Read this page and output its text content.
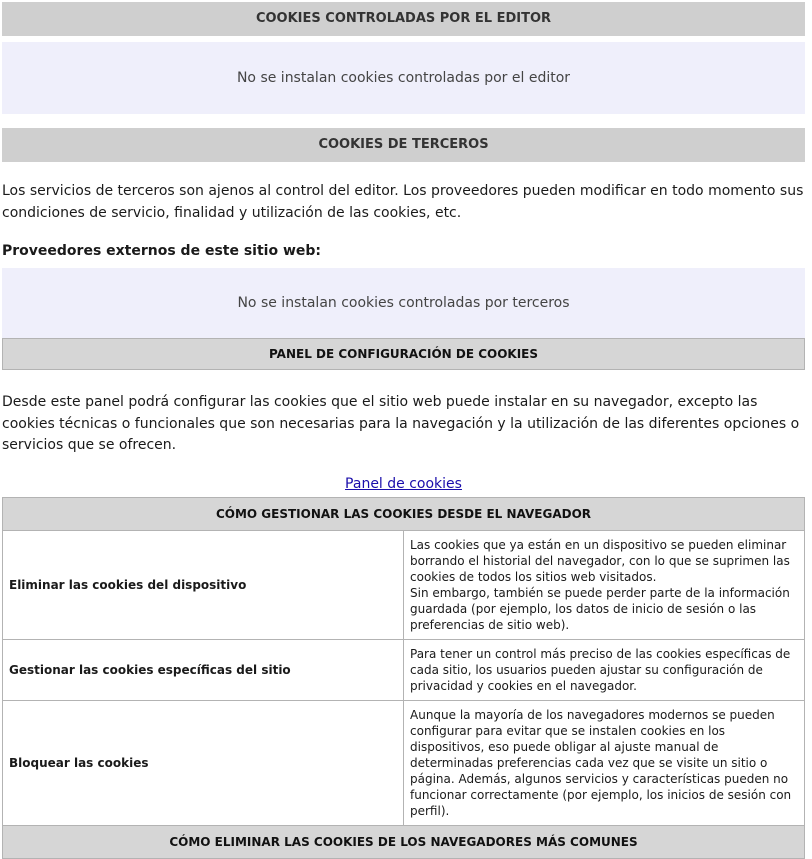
COOKIES CONTROLADAS POR EL EDITOR
No se instalan cookies controladas por el editor
COOKIES DE TERCEROS

Los servicios de terceros son ajenos al control del editor. Los proveedores pueden modificar en todo momento sus condiciones de servicio, finalidad y utilización de las cookies, etc.

Proveedores externos de este sitio web:

No se instalan cookies controladas por terceros
PANEL DE CONFIGURACIÓN DE COOKIES

Desde este panel podrá configurar las cookies que el sitio web puede instalar en su navegador, excepto las cookies técnicas o funcionales que son necesarias para la navegación y la utilización de las diferentes opciones o servicios que se ofrecen.

Panel de cookies
CÓMO GESTIONAR LAS COOKIES DESDE EL NAVEGADOR	
Eliminar las cookies del dispositivo	Las cookies que ya están en un dispositivo se pueden eliminar borrando el historial del navegador, con lo que se suprimen las cookies de todos los sitios web visitados.
Sin embargo, también se puede perder parte de la información guardada (por ejemplo, los datos de inicio de sesión o las preferencias de sitio web).

Gestionar las cookies específicas del sitio	Para tener un control más preciso de las cookies específicas de cada sitio, los usuarios pueden ajustar su configuración de privacidad y cookies en el navegador.

Bloquear las cookies	Aunque la mayoría de los navegadores modernos se pueden configurar para evitar que se instalen cookies en los dispositivos, eso puede obligar al ajuste manual de determinadas preferencias cada vez que se visite un sitio o página. Además, algunos servicios y características pueden no funcionar correctamente (por ejemplo, los inicios de sesión con perfil).

CÓMO ELIMINAR LAS COOKIES DE LOS NAVEGADORES MÁS COMUNES	
